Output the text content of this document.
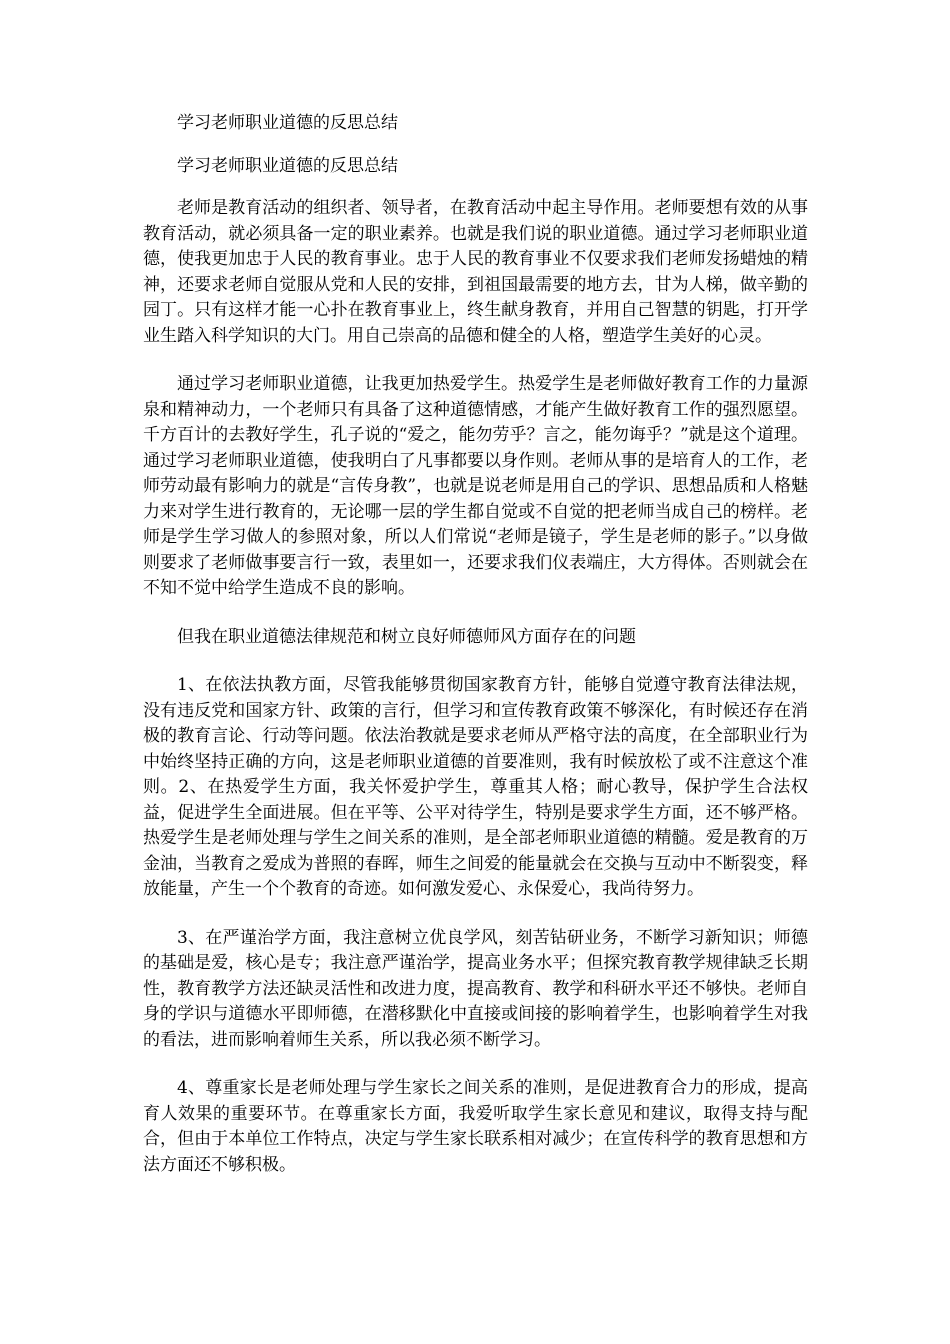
学习老师职业道德的反思总结

学习老师职业道德的反思总结

老师是教育活动的组织者、领导者，在教育活动中起主导作用。老师要想有效的从事教育活动，就必须具备一定的职业素养。也就是我们说的职业道德。通过学习老师职业道德，使我更加忠于人民的教育事业。忠于人民的教育事业不仅要求我们老师发扬蜡烛的精神，还要求老师自觉服从党和人民的安排，到祖国最需要的地方去，甘为人梯，做辛勤的园丁。只有这样才能一心扑在教育事业上，终生献身教育，并用自己智慧的钥匙，打开学业生踏入科学知识的大门。用自己崇高的品德和健全的人格，塑造学生美好的心灵。

通过学习老师职业道德，让我更加热爱学生。热爱学生是老师做好教育工作的力量源泉和精神动力，一个老师只有具备了这种道德情感，才能产生做好教育工作的强烈愿望。千方百计的去教好学生，孔子说的“爱之，能勿劳乎？言之，能勿诲乎？”就是这个道理。通过学习老师职业道德，使我明白了凡事都要以身作则。老师从事的是培育人的工作，老师劳动最有影响力的就是“言传身教”，也就是说老师是用自己的学识、思想品质和人格魅力来对学生进行教育的，无论哪一层的学生都自觉或不自觉的把老师当成自己的榜样。老师是学生学习做人的参照对象，所以人们常说“老师是镜子，学生是老师的影子。”以身做则要求了老师做事要言行一致，表里如一，还要求我们仪表端庄，大方得体。否则就会在不知不觉中给学生造成不良的影响。

但我在职业道德法律规范和树立良好师德师风方面存在的问题

1、在依法执教方面，尽管我能够贯彻国家教育方针，能够自觉遵守教育法律法规，没有违反党和国家方针、政策的言行，但学习和宣传教育政策不够深化，有时候还存在消极的教育言论、行动等问题。依法治教就是要求老师从严格守法的高度，在全部职业行为中始终坚持正确的方向，这是老师职业道德的首要准则，我有时候放松了或不注意这个准则。2、在热爱学生方面，我关怀爱护学生，尊重其人格；耐心教导，保护学生合法权益，促进学生全面进展。但在平等、公平对待学生，特别是要求学生方面，还不够严格。热爱学生是老师处理与学生之间关系的准则，是全部老师职业道德的精髓。爱是教育的万金油，当教育之爱成为普照的春晖，师生之间爱的能量就会在交换与互动中不断裂变，释放能量，产生一个个教育的奇迹。如何激发爱心、永保爱心，我尚待努力。

3、在严谨治学方面，我注意树立优良学风，刻苦钻研业务，不断学习新知识；师德的基础是爱，核心是专；我注意严谨治学，提高业务水平；但探究教育教学规律缺乏长期性，教育教学方法还缺灵活性和改进力度，提高教育、教学和科研水平还不够快。老师自身的学识与道德水平即师德，在潜移默化中直接或间接的影响着学生，也影响着学生对我的看法，进而影响着师生关系，所以我必须不断学习。

4、尊重家长是老师处理与学生家长之间关系的准则，是促进教育合力的形成，提高育人效果的重要环节。在尊重家长方面，我爱听取学生家长意见和建议，取得支持与配合，但由于本单位工作特点，决定与学生家长联系相对减少；在宣传科学的教育思想和方法方面还不够积极。
